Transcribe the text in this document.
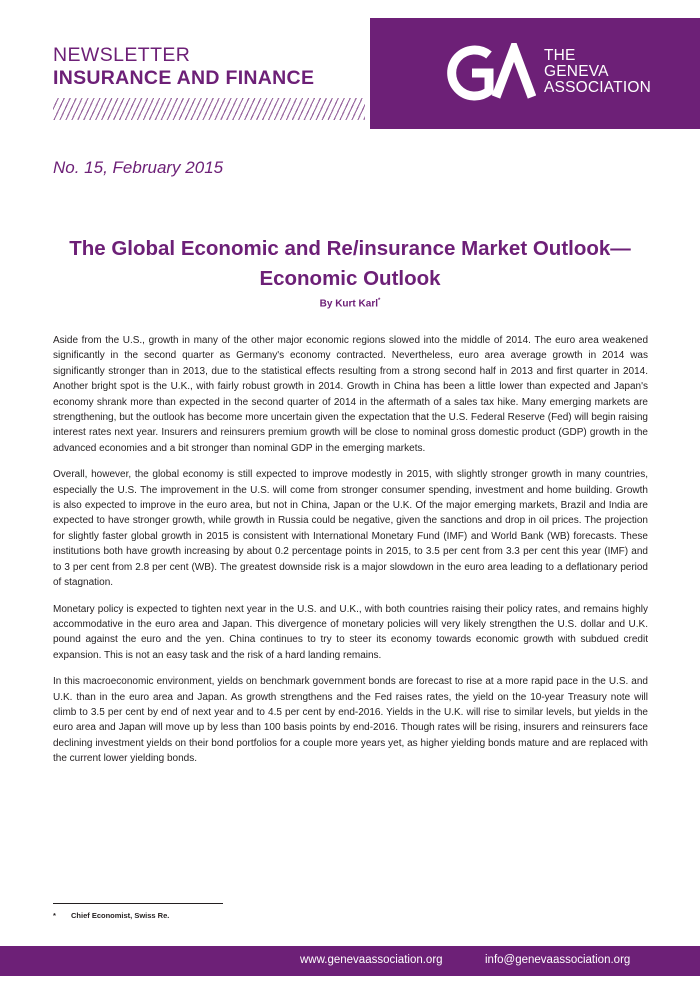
NEWSLETTER
INSURANCE AND FINANCE
THE
GENEVA
ASSOCIATION
No. 15, February 2015
The Global Economic and Re/insurance Market Outlook—
Economic Outlook
By Kurt Karl*

Aside from the U.S., growth in many of the other major economic regions slowed into the middle of 2014. The euro area weakened significantly in the second quarter as Germany's economy contracted. Nevertheless, euro area average growth in 2014 was significantly stronger than in 2013, due to the statistical effects resulting from a strong second half in 2013 and first quarter in 2014. Another bright spot is the U.K., with fairly robust growth in 2014. Growth in China has been a little lower than expected and Japan's economy shrank more than expected in the second quarter of 2014 in the aftermath of a sales tax hike. Many emerging markets are strengthening, but the outlook has become more uncertain given the expectation that the U.S. Federal Reserve (Fed) will begin raising interest rates next year. Insurers and reinsurers premium growth will be close to nominal gross domestic product (GDP) growth in the advanced economies and a bit stronger than nominal GDP in the emerging markets.

Overall, however, the global economy is still expected to improve modestly in 2015, with slightly stronger growth in many countries, especially the U.S. The improvement in the U.S. will come from stronger consumer spending, investment and home building. Growth is also expected to improve in the euro area, but not in China, Japan or the U.K. Of the major emerging markets, Brazil and India are expected to have stronger growth, while growth in Russia could be negative, given the sanctions and drop in oil prices. The projection for slightly faster global growth in 2015 is consistent with International Monetary Fund (IMF) and World Bank (WB) forecasts. These institutions both have growth increasing by about 0.2 percentage points in 2015, to 3.5 per cent from 3.3 per cent this year (IMF) and to 3 per cent from 2.8 per cent (WB). The greatest downside risk is a major slowdown in the euro area leading to a deflationary period of stagnation.

Monetary policy is expected to tighten next year in the U.S. and U.K., with both countries raising their policy rates, and remains highly accommodative in the euro area and Japan. This divergence of monetary policies will very likely strengthen the U.S. dollar and U.K. pound against the euro and the yen. China continues to try to steer its economy towards economic growth with subdued credit expansion. This is not an easy task and the risk of a hard landing remains.

In this macroeconomic environment, yields on benchmark government bonds are forecast to rise at a more rapid pace in the U.S. and U.K. than in the euro area and Japan. As growth strengthens and the Fed raises rates, the yield on the 10-year Treasury note will climb to 3.5 per cent by end of next year and to 4.5 per cent by end-2016. Yields in the U.K. will rise to similar levels, but yields in the euro area and Japan will move up by less than 100 basis points by end-2016. Though rates will be rising, insurers and reinsurers face declining investment yields on their bond portfolios for a couple more years yet, as higher yielding bonds mature and are replaced with the current lower yielding bonds.

* Chief Economist, Swiss Re.
www.genevaassociation.org	info@genevaassociation.org
